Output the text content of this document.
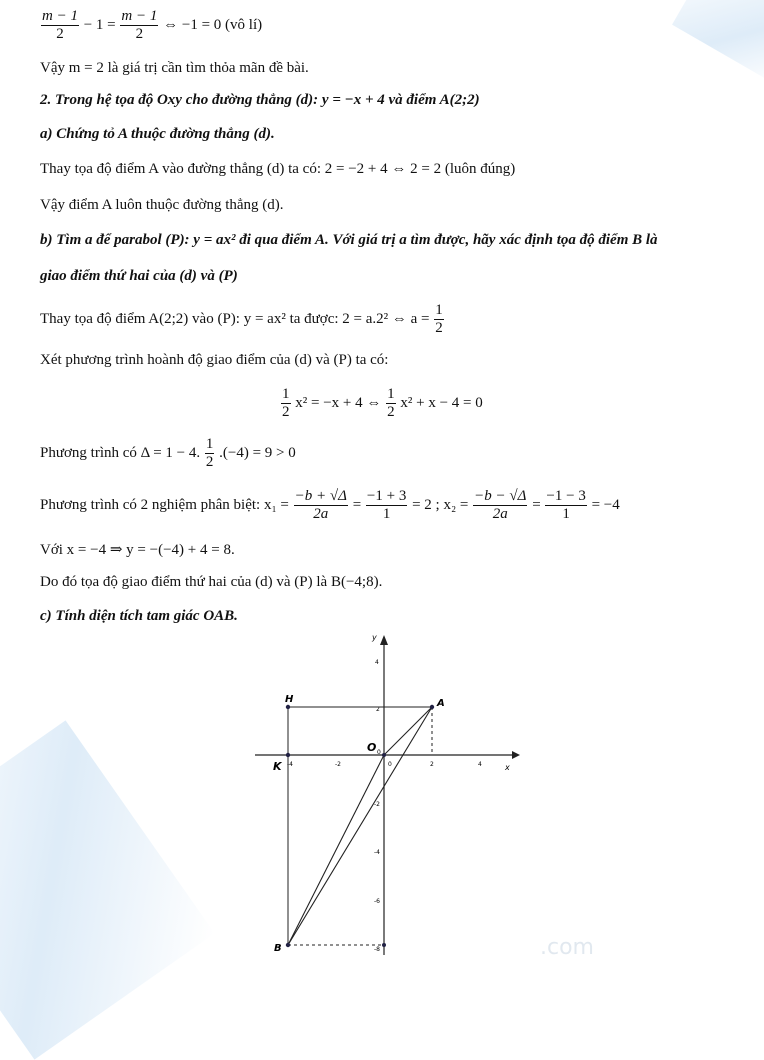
.com
$\frac{m - 1}{2} - 1 = \frac{m - 1}{2}$ ⇔ −1 = 0 (vô lí)
Vậy m = 2 là giá trị cần tìm thỏa mãn đề bài.
2. Trong hệ tọa độ Oxy cho đường thẳng (d): y = −x + 4 và điểm A(2;2)
a) Chứng tỏ A thuộc đường thẳng (d).
Thay tọa độ điểm A vào đường thẳng (d) ta có: 2 = −2 + 4 ⇔ 2 = 2 (luôn đúng)
Vậy điểm A luôn thuộc đường thẳng (d).
b) Tìm a để parabol (P): y = ax² đi qua điểm A. Với giá trị a tìm được, hãy xác định tọa độ điểm B là
giao điểm thứ hai của (d) và (P)
Thay tọa độ điểm A(2;2) vào (P): y = ax² ta được: 2 = a.2² ⇔ $a = \frac{1}{2}$
Xét phương trình hoành độ giao điểm của (d) và (P) ta có:
$\frac{1}{2} x^2 = -x + 4$ ⇔ $\frac{1}{2} x^2 + x - 4 = 0$
Phương trình có Δ = 1 − 4. $\frac{1}{2} .(-4) = 9 > 0$
Phương trình có 2 nghiệm phân biệt: $x_1 = \frac{-b + √\Delta}{2a} = \frac{-1 + 3}{1} = 2$ ; $x_2 = \frac{-b - √\Delta}{2a} = \frac{-1 - 3}{1} = -4$
Với x = −4 ⇒ y = −(−4) + 4 = 8.
Do đó tọa độ giao điểm thứ hai của (d) và (P) là B(−4;8).
c) Tính diện tích tam giác OAB.
x
y
4
2
0
-2
-4
-6
-8
-4	-2	2	4
A
B
H
K
O 0
